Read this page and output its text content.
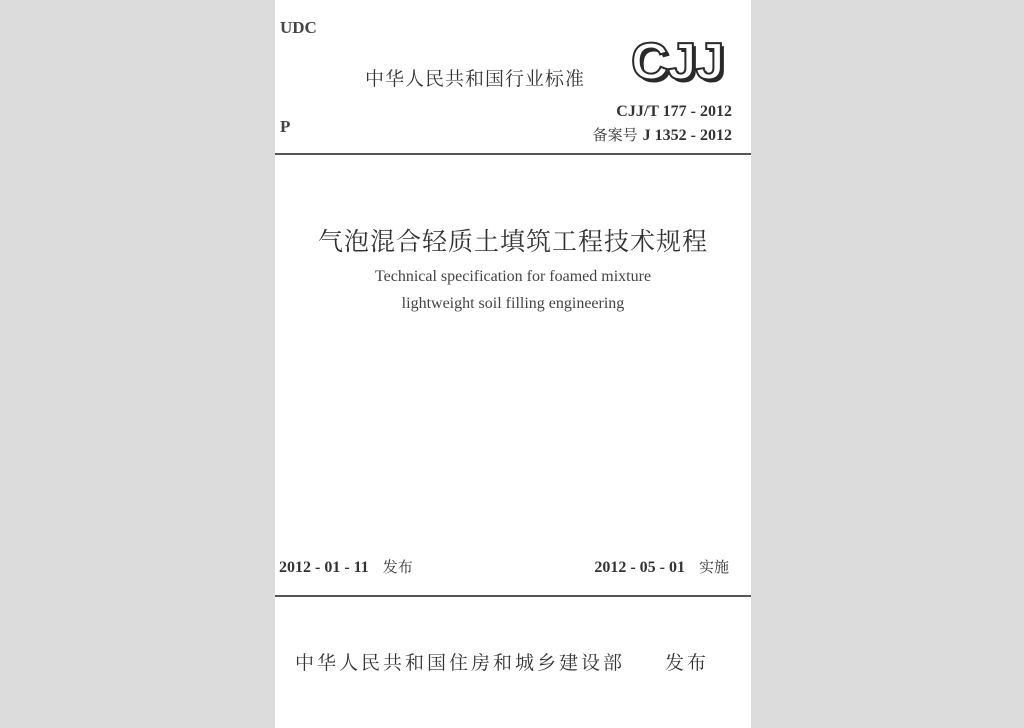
UDC
中华人民共和国行业标准 CJJ
P
CJJ/T 177 - 2012
备案号 J 1352 - 2012
气泡混合轻质土填筑工程技术规程
Technical specification for foamed mixture
lightweight soil filling engineering
2012 - 01 - 11 发布	2012 - 05 - 01 实施
中华人民共和国住房和城乡建设部 发布
